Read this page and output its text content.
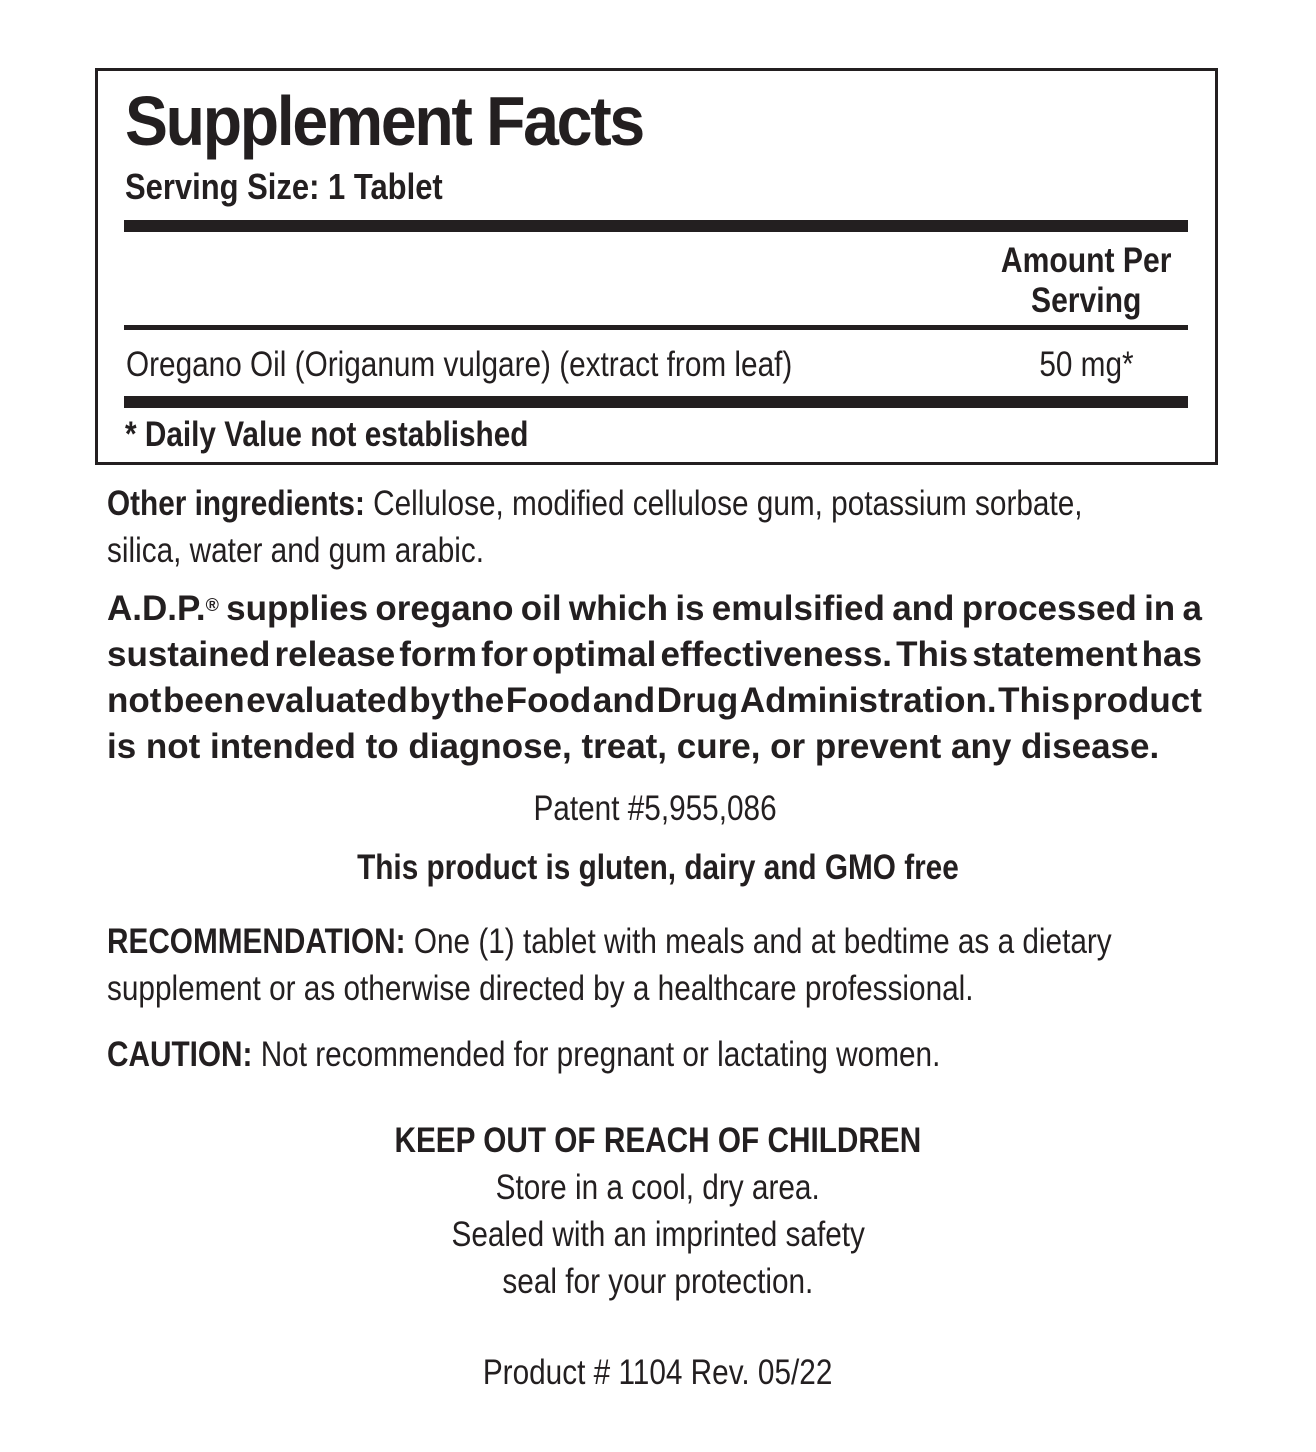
Supplement Facts
Serving Size: 1 Tablet
Amount Per
Serving
Oregano Oil (Origanum vulgare) (extract from leaf)	50 mg*
* Daily Value not established
Other ingredients: Cellulose, modified cellulose gum, potassium sorbate,
silica, water and gum arabic.
A.D.P.® supplies oregano oil which is emulsified and processed in a
sustained release form for optimal effectiveness. This statement has
not been evaluated by the Food and Drug Administration. This product
is not intended to diagnose, treat, cure, or prevent any disease.
Patent #5,955,086
This product is gluten, dairy and GMO free
RECOMMENDATION: One (1) tablet with meals and at bedtime as a dietary
supplement or as otherwise directed by a healthcare professional.
CAUTION: Not recommended for pregnant or lactating women.
KEEP OUT OF REACH OF CHILDREN
Store in a cool, dry area.
Sealed with an imprinted safety
seal for your protection.
Product # 1104 Rev. 05/22
